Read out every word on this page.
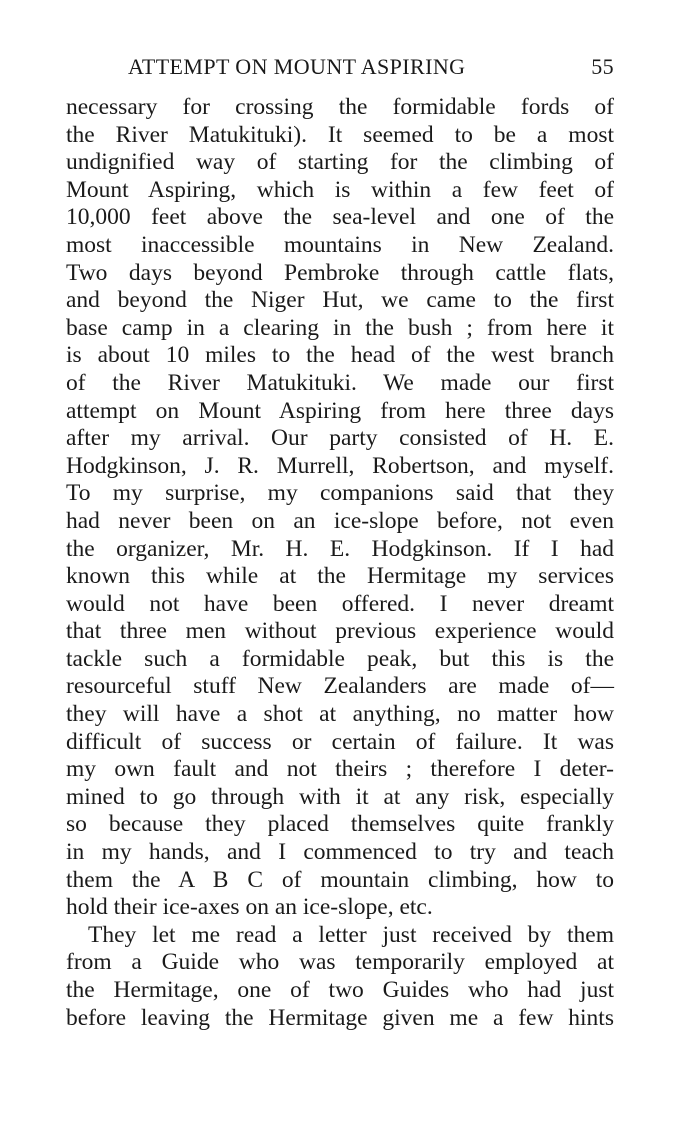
ATTEMPT ON MOUNT ASPIRING	55
necessary for crossing the formidable fords of
the River Matukituki). It seemed to be a most
undignified way of starting for the climbing of
Mount Aspiring, which is within a few feet of
10,000 feet above the sea-level and one of the
most inaccessible mountains in New Zealand.
Two days beyond Pembroke through cattle flats,
and beyond the Niger Hut, we came to the first
base camp in a clearing in the bush ; from here it
is about 10 miles to the head of the west branch
of the River Matukituki. We made our first
attempt on Mount Aspiring from here three days
after my arrival. Our party consisted of H. E.
Hodgkinson, J. R. Murrell, Robertson, and myself.
To my surprise, my companions said that they
had never been on an ice-slope before, not even
the organizer, Mr. H. E. Hodgkinson. If I had
known this while at the Hermitage my services
would not have been offered. I never dreamt
that three men without previous experience would
tackle such a formidable peak, but this is the
resourceful stuff New Zealanders are made of—
they will have a shot at anything, no matter how
difficult of success or certain of failure. It was
my own fault and not theirs ; therefore I deter-
mined to go through with it at any risk, especially
so because they placed themselves quite frankly
in my hands, and I commenced to try and teach
them the A B C of mountain climbing, how to
hold their ice-axes on an ice-slope, etc.
They let me read a letter just received by them
from a Guide who was temporarily employed at
the Hermitage, one of two Guides who had just
before leaving the Hermitage given me a few hints
